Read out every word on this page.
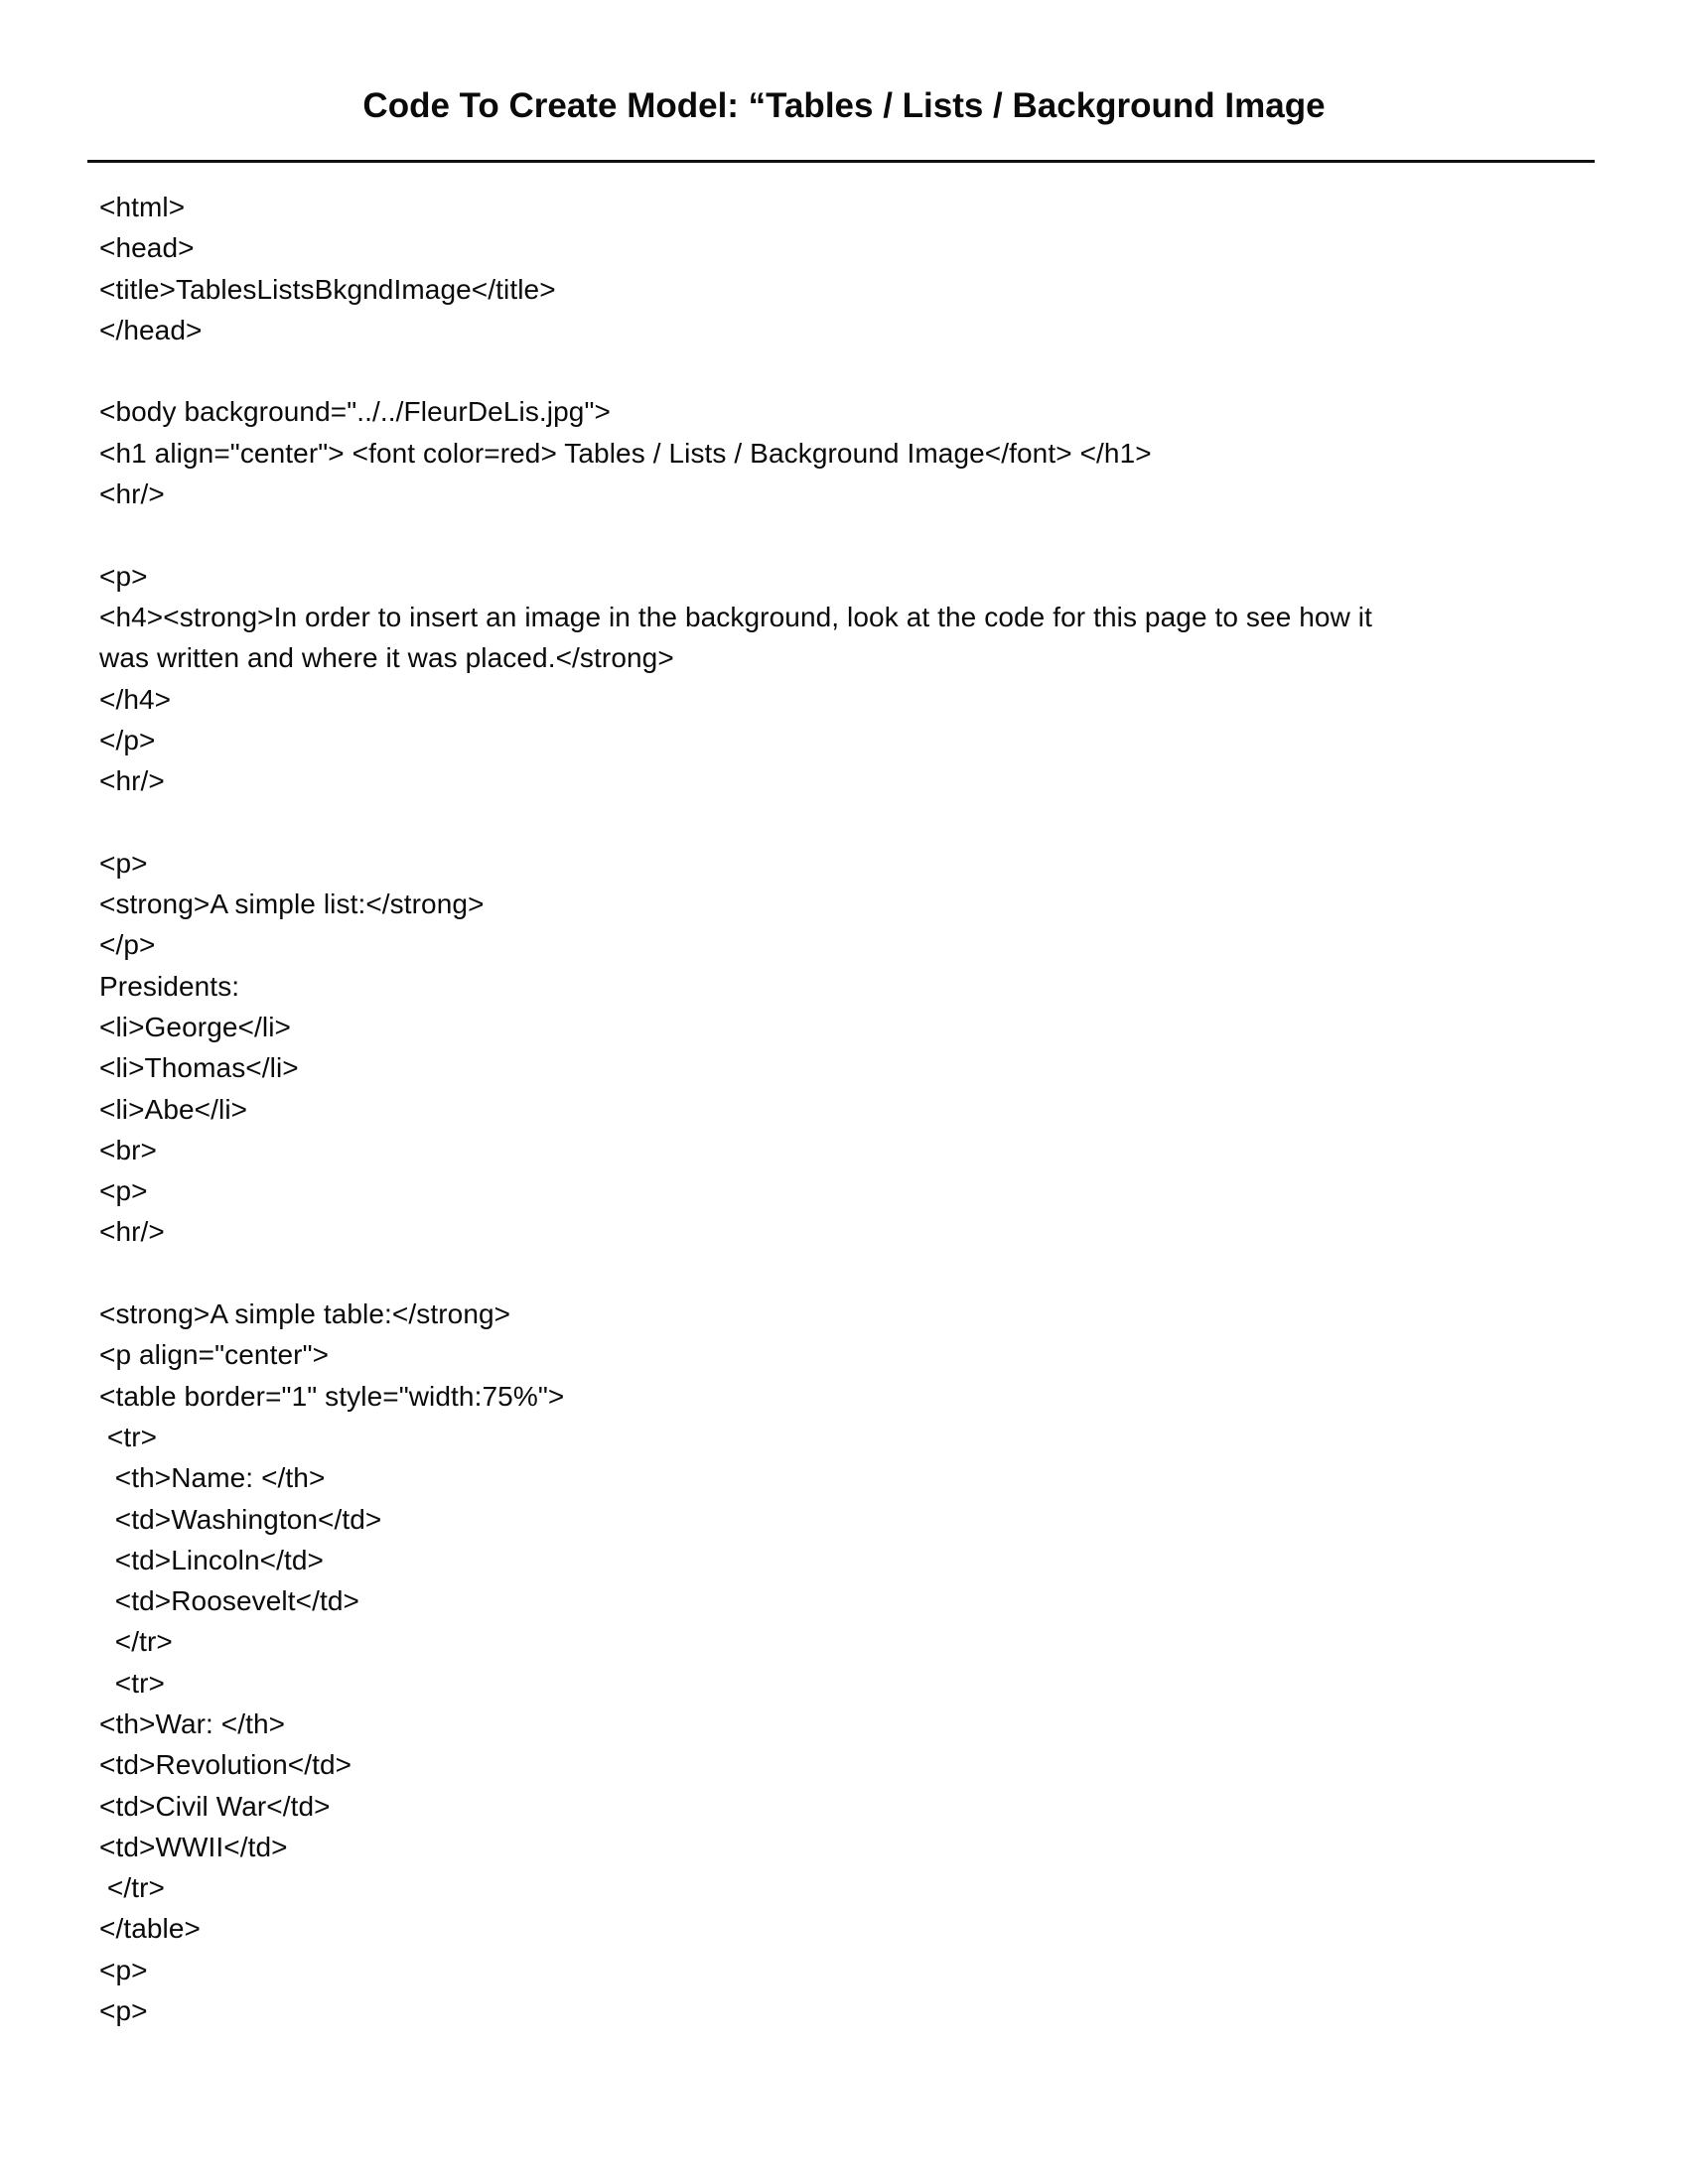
Code To Create Model: “Tables / Lists / Background Image
<html>
<head>
<title>TablesListsBkgndImage</title>
</head>
<body background="../../FleurDeLis.jpg">
<h1 align="center"> <font color=red> Tables / Lists / Background Image</font> </h1>
<hr/>
<p>
<h4><strong>In order to insert an image in the background, look at the code for this page to see how it
was written and where it was placed.</strong>
</h4>
</p>
<hr/>
<p>
<strong>A simple list:</strong>
</p>
Presidents:
<li>George</li>
<li>Thomas</li>
<li>Abe</li>
<br>
<p>
<hr/>
<strong>A simple table:</strong>
<p align="center">
<table border="1" style="width:75%">
<tr>
<th>Name: </th>
<td>Washington</td>
<td>Lincoln</td>
<td>Roosevelt</td>
</tr>
<tr>
<th>War: </th>
<td>Revolution</td>
<td>Civil War</td>
<td>WWII</td>
</tr>
</table>
<p>
<p>
